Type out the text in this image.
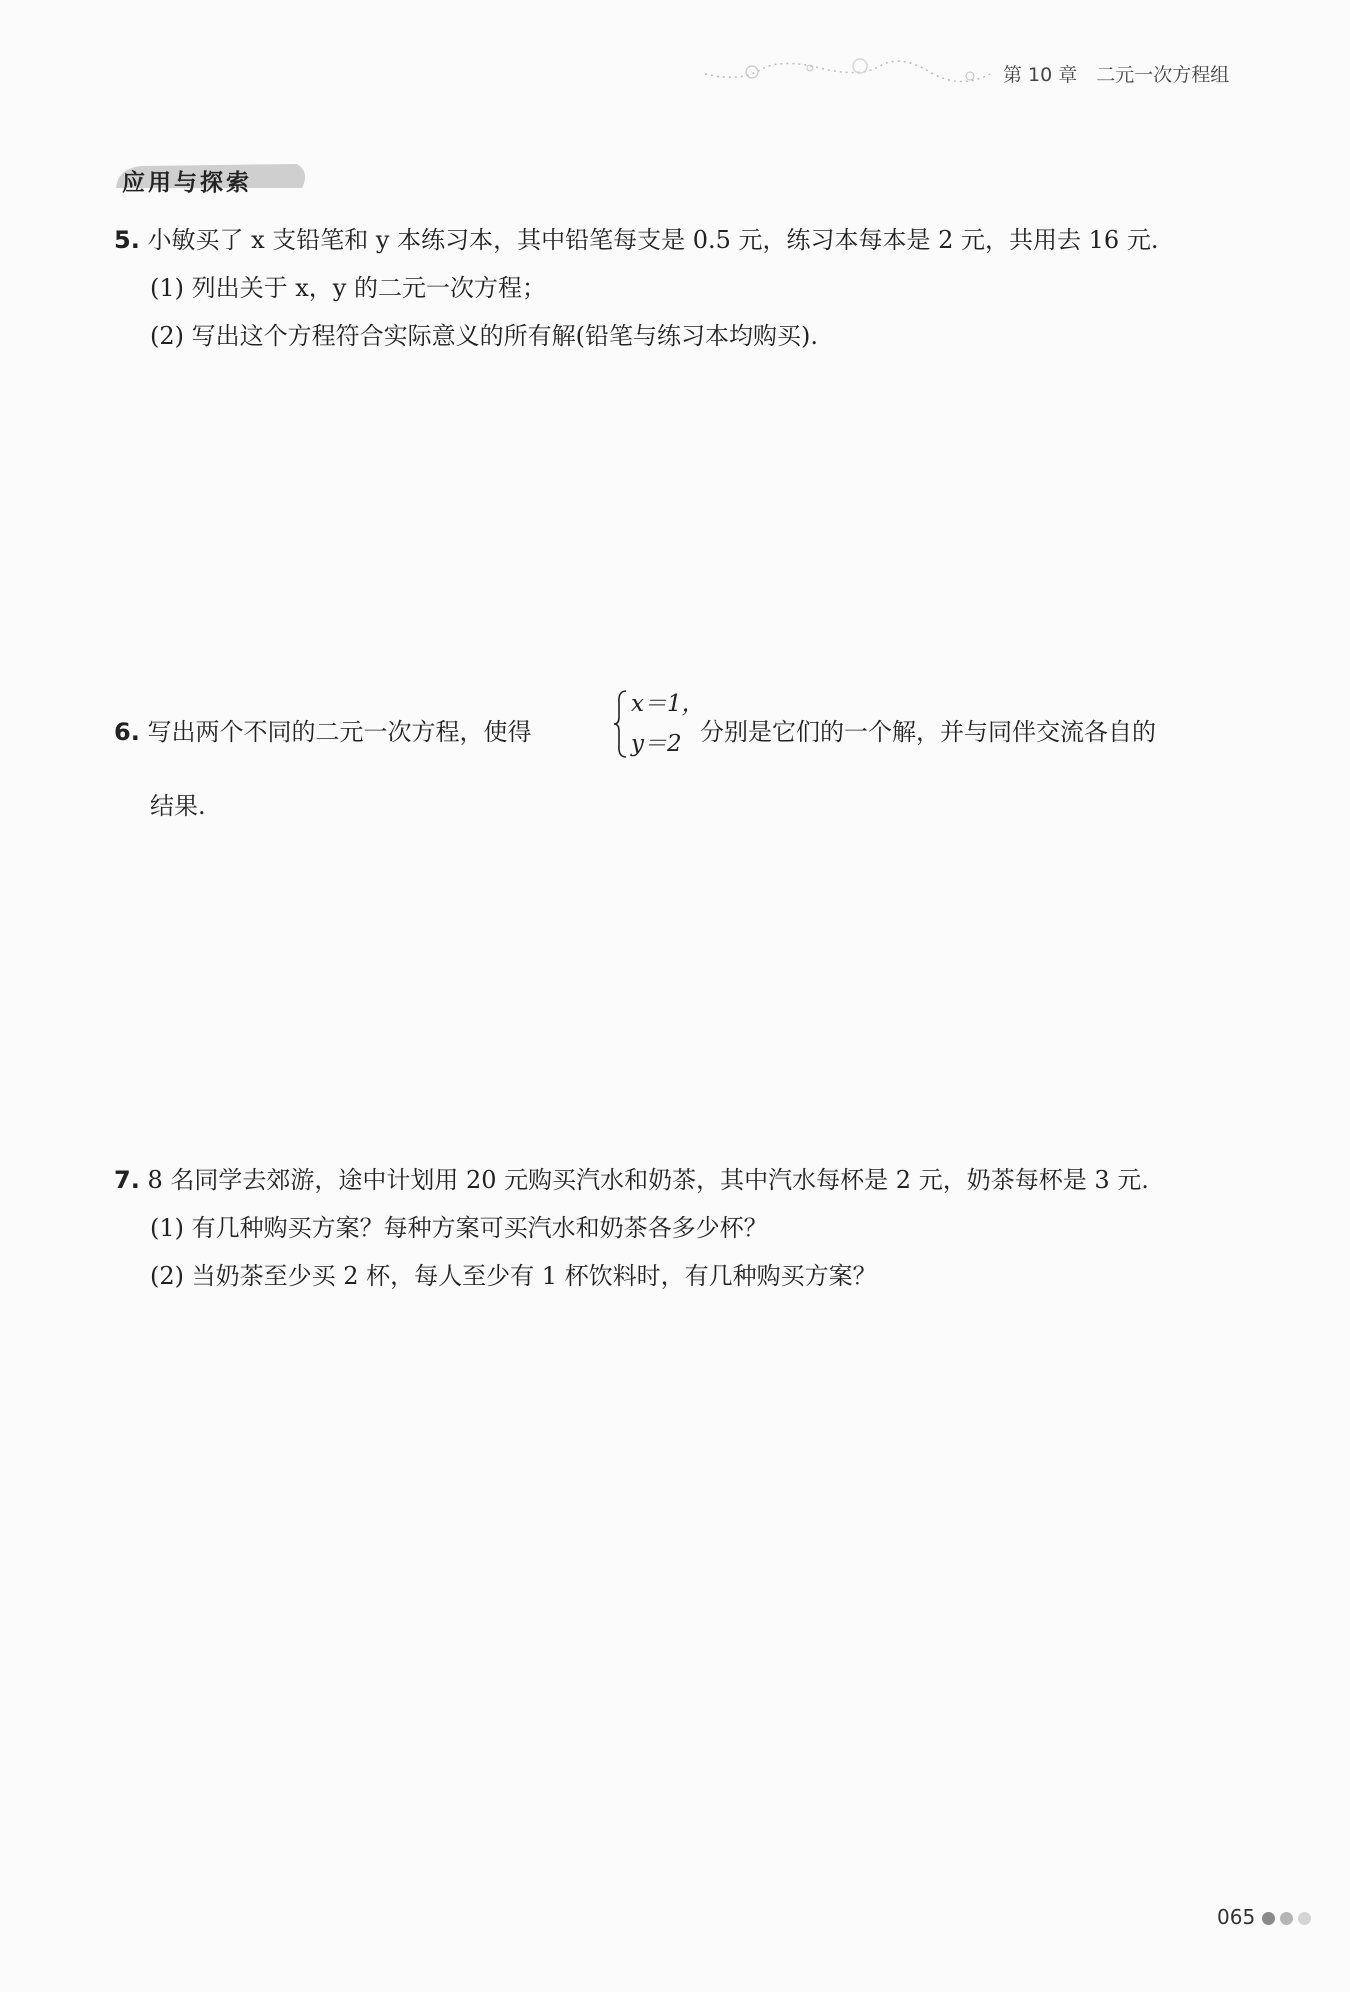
第 10 章　二元一次方程组
应用与探索
5. 小敏买了 x 支铅笔和 y 本练习本，其中铅笔每支是 0.5 元，练习本每本是 2 元，共用去 16 元.
(1) 列出关于 x，y 的二元一次方程；
(2) 写出这个方程符合实际意义的所有解(铅笔与练习本均购买).
6. 写出两个不同的二元一次方程，使得
x＝1，
y＝2 分别是它们的一个解，并与同伴交流各自的
结果.
7. 8 名同学去郊游，途中计划用 20 元购买汽水和奶茶，其中汽水每杯是 2 元，奶茶每杯是 3 元.
(1) 有几种购买方案？每种方案可买汽水和奶茶各多少杯？
(2) 当奶茶至少买 2 杯，每人至少有 1 杯饮料时，有几种购买方案？
065
